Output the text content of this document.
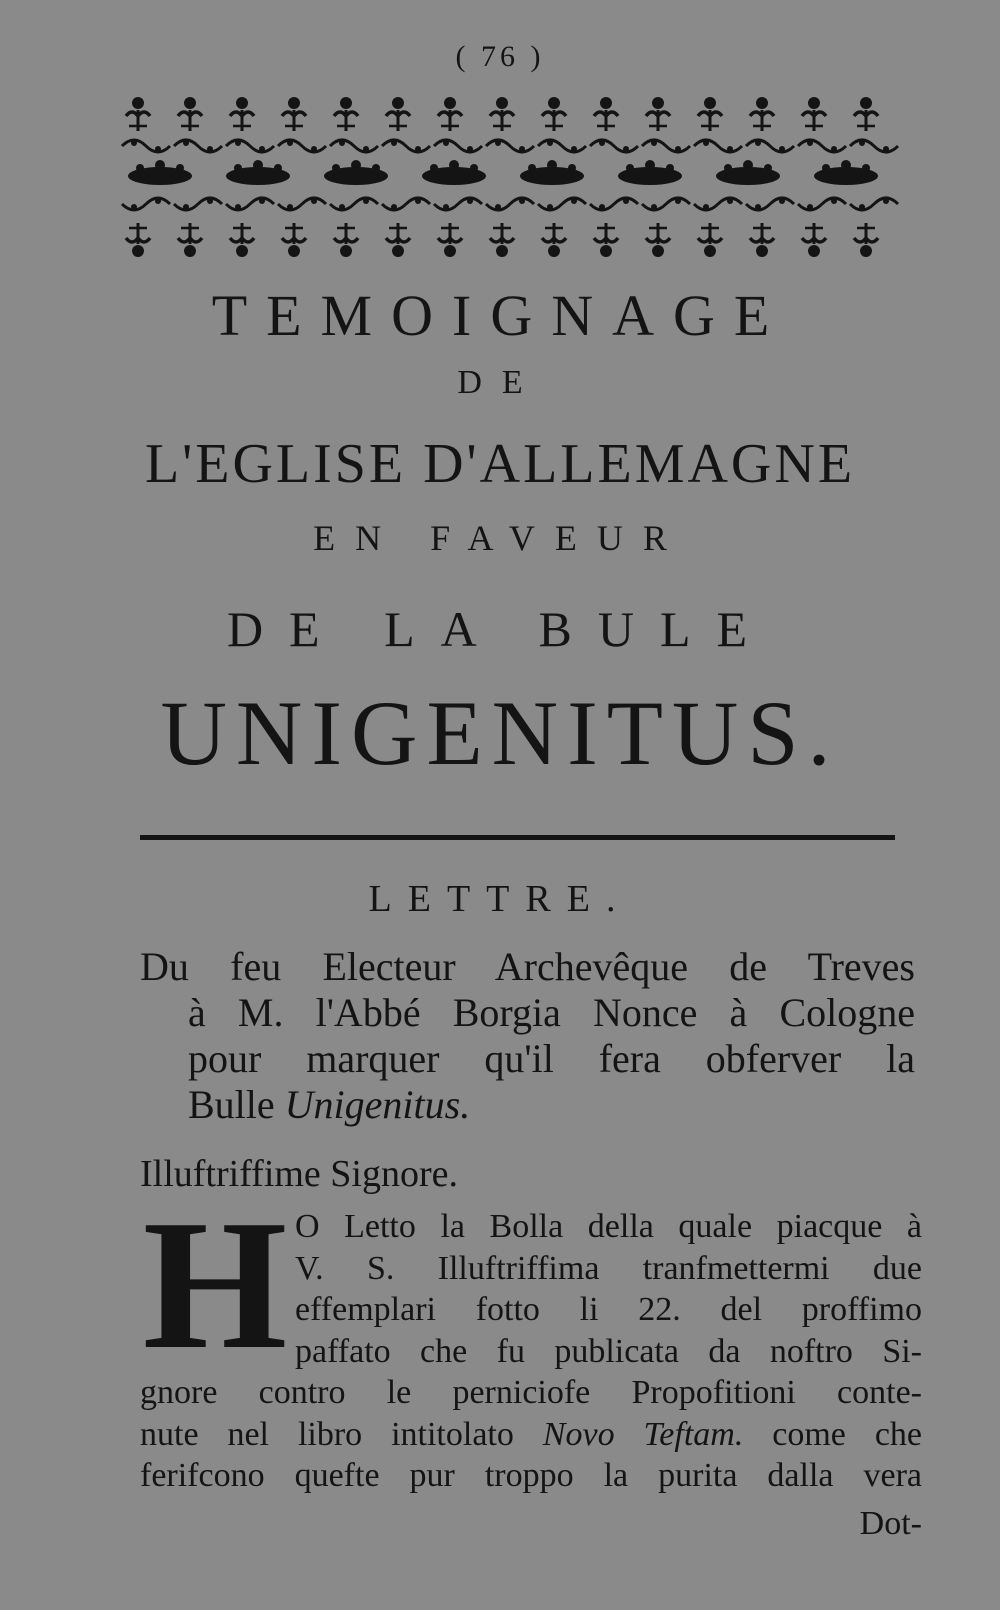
( 76 )
TEMOIGNAGE
DE
L'EGLISE D'ALLEMAGNE
EN FAVEUR
DE LA BULE
UNIGENITUS.
LETTRE.
Du feu Electeur Archevêque de Treves
à M. l'Abbé Borgia Nonce à Cologne
pour marquer qu'il fera obferver la
Bulle Unigenitus.
Illuftriffime Signore.
H O Letto la Bolla della quale piacque à
V. S. Illuftriffima tranfmettermi due
effemplari fotto li 22. del proffimo
paffato che fu publicata da noftro Si-
gnore contro le perniciofe Propofitioni conte-
nute nel libro intitolato Novo Teftam. come che
ferifcono quefte pur troppo la purita dalla vera
Dot-
